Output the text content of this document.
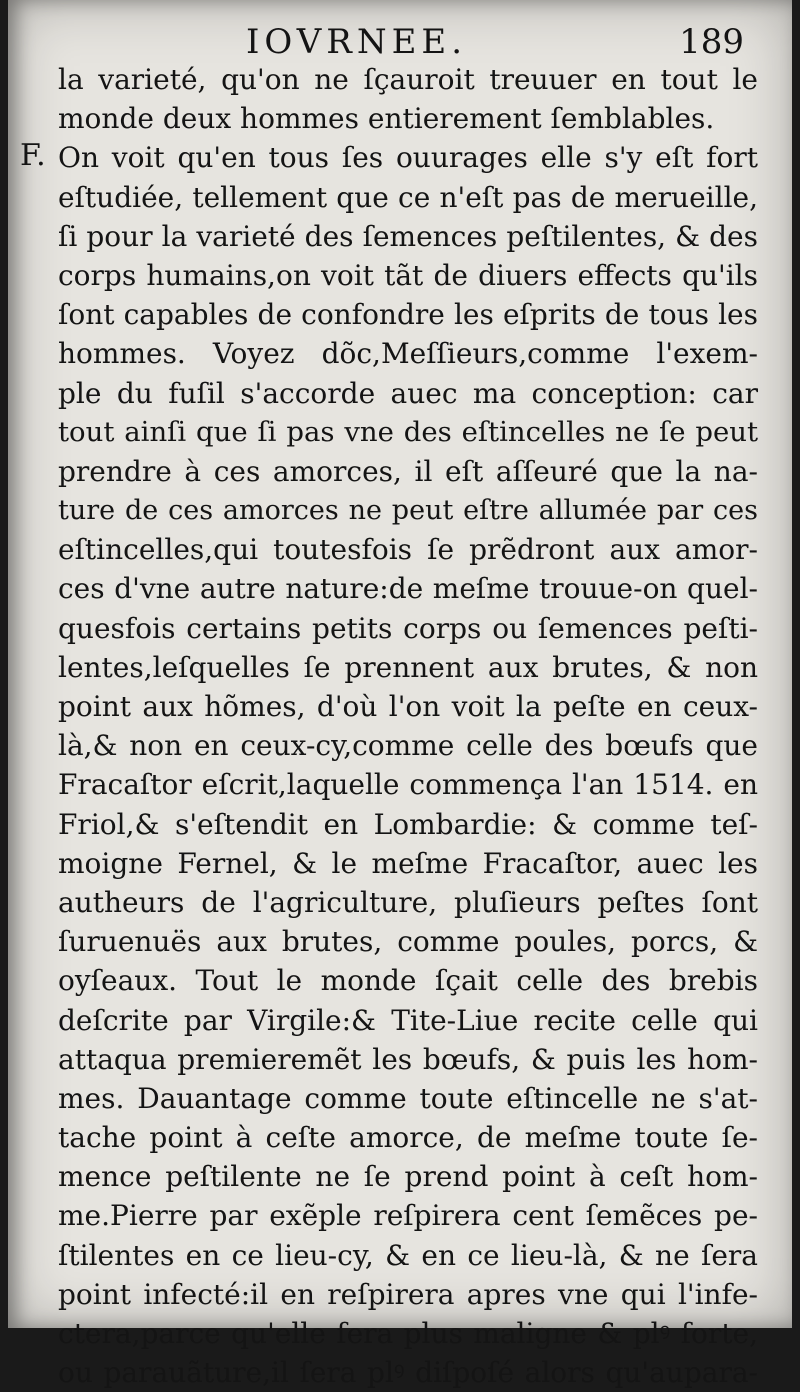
IOVRNEE.	189
F.
la varieté, qu'on ne ſçauroit treuuer en tout le
monde deux hommes entierement ſemblables.
On voit qu'en tous ſes ouurages elle s'y eſt fort
eſtudiée, tellement que ce n'eſt pas de merueille,
ſi pour la varieté des ſemences peſtilentes, & des
corps humains,on voit tãt de diuers effects qu'ils
ſont capables de confondre les eſprits de tous les
hommes. Voyez dõc,Meſſieurs,comme l'exem-
ple du fuſil s'accorde auec ma conception: car
tout ainſi que ſi pas vne des eſtincelles ne ſe peut
prendre à ces amorces, il eſt aſſeuré que la na-
ture de ces amorces ne peut eſtre allumée par ces
eſtincelles,qui toutesfois ſe prẽdront aux amor-
ces d'vne autre nature:de meſme trouue-on quel-
quesfois certains petits corps ou ſemences peſti-
lentes,leſquelles ſe prennent aux brutes, & non
point aux hõmes, d'où l'on voit la peſte en ceux-
là,& non en ceux-cy,comme celle des bœufs que
Fracaſtor eſcrit,laquelle commença l'an 1514. en
Friol,& s'eſtendit en Lombardie: & comme teſ-
moigne Fernel, & le meſme Fracaſtor, auec les
autheurs de l'agriculture, pluſieurs peſtes ſont
ſuruenuës aux brutes, comme poules, porcs, &
oyſeaux. Tout le monde ſçait celle des brebis
deſcrite par Virgile:& Tite-Liue recite celle qui
attaqua premieremẽt les bœufs, & puis les hom-
mes. Dauantage comme toute eſtincelle ne s'at-
tache point à ceſte amorce, de meſme toute ſe-
mence peſtilente ne ſe prend point à ceſt hom-
me.Pierre par exẽple reſpirera cent ſemẽces pe-
ſtilentes en ce lieu-cy, & en ce lieu-là, & ne ſera
point infecté:il en reſpirera apres vne qui l'infe-
ctera,parce qu'elle ſera plus maligne & plꝰ forte,
ou parauãture,il ſera plꝰ diſpoſé alors qu'aupara-
